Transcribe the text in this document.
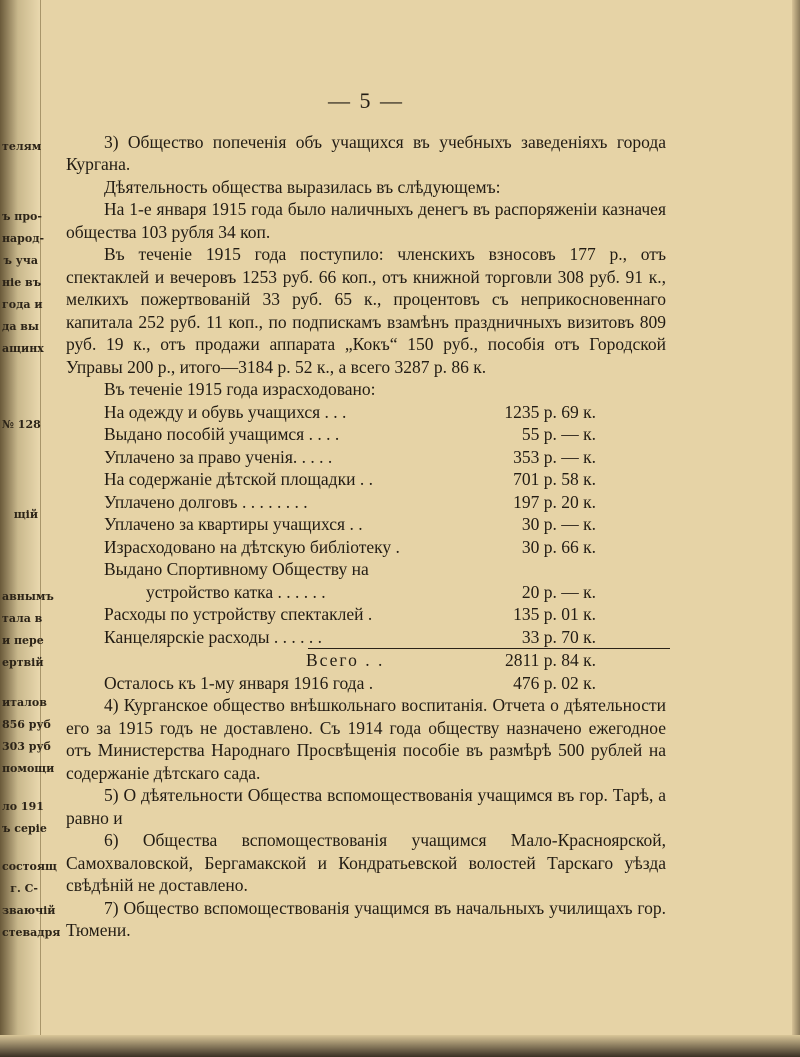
телям
ъ про-
народ-
ъ уча
ніе въ
года и
да вы
ащинх
№ 128
щій
авнымъ
тала в
и пере
ертвій
италов
856 руб
303 руб
помощи
ло 191
ъ серіе
состоящ
г. С-
зваючій
стевадря
— 5 —

3) Общество попеченія объ учащихся въ учебныхъ заведеніяхъ города Кургана.

Дѣятельность общества выразилась въ слѣдующемъ:

На 1-е января 1915 года было наличныхъ денегъ въ распоряженіи казначея общества 103 рубля 34 коп.

Въ теченіе 1915 года поступило: членскихъ взносовъ 177 р., отъ спектаклей и вечеровъ 1253 руб. 66 коп., отъ книжной торговли 308 руб. 91 к., мелкихъ пожертвованій 33 руб. 65 к., процентовъ съ неприкосновеннаго капитала 252 руб. 11 коп., по подпискамъ взамѣнъ праздничныхъ визитовъ 809 руб. 19 к., отъ продажи аппарата „Кокъ“ 150 руб., пособія отъ Городской Управы 200 р., итого—3184 р. 52 к., а всего 3287 р. 86 к.

Въ теченіе 1915 года израсходовано:

На одежду и обувь учащихся . . .	1235 р. 69 к.
Выдано пособій учащимся . . . .	55 р. — к.
Уплачено за право ученія. . . . .	353 р. — к.
На содержаніе дѣтской площадки . .	701 р. 58 к.
Уплачено долговъ . . . . . . . .	197 р. 20 к.
Уплачено за квартиры учащихся . .	30 р. — к.
Израсходовано на дѣтскую библіотеку .	30 р. 66 к.
Выдано Спортивному Обществу на
устройство катка . . . . . .	20 р. — к.
Расходы по устройству спектаклей .	135 р. 01 к.
Канцелярскіе расходы . . . . . .	33 р. 70 к.
Всего . .	2811 р. 84 к.
Осталось къ 1-му января 1916 года .	476 р. 02 к.

4) Курганское общество внѣшкольнаго воспитанія. Отчета о дѣятельности его за 1915 годъ не доставлено. Съ 1914 года обществу назначено ежегодное отъ Министерства Народнаго Просвѣщенія пособіе въ размѣрѣ 500 рублей на содержаніе дѣтскаго сада.

5) О дѣятельности Общества вспомоществованія учащимся въ гор. Тарѣ, а равно и

6) Общества вспомоществованія учащимся Мало-Красноярской, Самохваловской, Бергамакской и Кондратьевской волостей Тарскаго уѣзда свѣдѣній не доставлено.

7) Общество вспомоществованія учащимся въ начальныхъ училищахъ гор. Тюмени.
